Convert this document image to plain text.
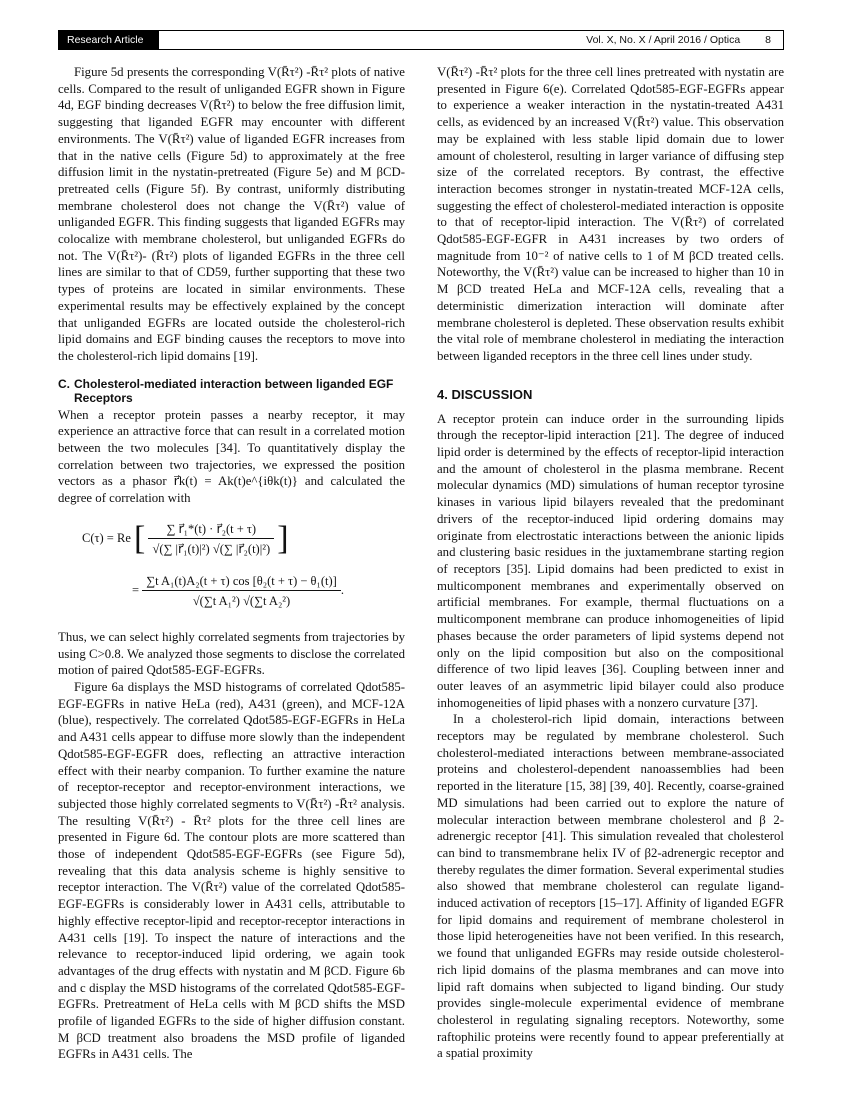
Research Article	Vol. X, No. X / April 2016 / Optica 8

Figure 5d presents the corresponding V(R̄τ²) -R̄τ² plots of native cells. Compared to the result of unliganded EGFR shown in Figure 4d, EGF binding decreases V(R̄τ²) to below the free diffusion limit, suggesting that liganded EGFR may encounter with different environments. The V(R̄τ²) value of liganded EGFR increases from that in the native cells (Figure 5d) to approximately at the free diffusion limit in the nystatin-pretreated (Figure 5e) and M βCD-pretreated cells (Figure 5f). By contrast, uniformly distributing membrane cholesterol does not change the V(R̄τ²) value of unliganded EGFR. This finding suggests that liganded EGFRs may colocalize with membrane cholesterol, but unliganded EGFRs do not. The V(R̄τ²)- (R̄τ²) plots of liganded EGFRs in the three cell lines are similar to that of CD59, further supporting that these two types of proteins are located in similar environments. These experimental results may be effectively explained by the concept that unliganded EGFRs are located outside the cholesterol-rich lipid domains and EGF binding causes the receptors to move into the cholesterol-rich lipid domains [19].

C. Cholesterol-mediated interaction between liganded EGF
Receptors

When a receptor protein passes a nearby receptor, it may experience an attractive force that can result in a correlated motion between the two molecules [34]. To quantitatively display the correlation between two trajectories, we expressed the position vectors as a phasor r⃗k(t) = Ak(t)e^{iθk(t)} and calculated the degree of correlation with

C(τ) = Re [ $\frac{\text{∑ r⃗₁*(t) · r⃗₂(t + τ)}}{\text{√(∑ |r⃗₁(t)|²) √(∑ |r⃗₂(t)|²)}}$ ]
= $\frac{\text{∑t A₁(t)A₂(t + τ) cos [θ₂(t + τ) − θ₁(t)]}}{\text{√(∑t A₁²) √(∑t A₂²)}}$ .

Thus, we can select highly correlated segments from trajectories by using C>0.8. We analyzed those segments to disclose the correlated motion of paired Qdot585-EGF-EGFRs.

Figure 6a displays the MSD histograms of correlated Qdot585-EGF-EGFRs in native HeLa (red), A431 (green), and MCF-12A (blue), respectively. The correlated Qdot585-EGF-EGFRs in HeLa and A431 cells appear to diffuse more slowly than the independent Qdot585-EGF-EGFR does, reflecting an attractive interaction effect with their nearby companion. To further examine the nature of receptor-receptor and receptor-environment interactions, we subjected those highly correlated segments to V(R̄τ²) -R̄τ² analysis. The resulting V(R̄τ²) - R̄τ² plots for the three cell lines are presented in Figure 6d. The contour plots are more scattered than those of independent Qdot585-EGF-EGFRs (see Figure 5d), revealing that this data analysis scheme is highly sensitive to receptor interaction. The V(R̄τ²) value of the correlated Qdot585-EGF-EGFRs is considerably lower in A431 cells, attributable to highly effective receptor-lipid and receptor-receptor interactions in A431 cells [19]. To inspect the nature of interactions and the relevance to receptor-induced lipid ordering, we again took advantages of the drug effects with nystatin and M βCD. Figure 6b and c display the MSD histograms of the correlated Qdot585-EGF-EGFRs. Pretreatment of HeLa cells with M βCD shifts the MSD profile of liganded EGFRs to the side of higher diffusion constant. M βCD treatment also broadens the MSD profile of liganded EGFRs in A431 cells. The

V(R̄τ²) -R̄τ² plots for the three cell lines pretreated with nystatin are presented in Figure 6(e). Correlated Qdot585-EGF-EGFRs appear to experience a weaker interaction in the nystatin-treated A431 cells, as evidenced by an increased V(R̄τ²) value. This observation may be explained with less stable lipid domain due to lower amount of cholesterol, resulting in larger variance of diffusing step size of the correlated receptors. By contrast, the effective interaction becomes stronger in nystatin-treated MCF-12A cells, suggesting the effect of cholesterol-mediated interaction is opposite to that of receptor-lipid interaction. The V(R̄τ²) of correlated Qdot585-EGF-EGFR in A431 increases by two orders of magnitude from 10⁻² of native cells to 1 of M βCD treated cells. Noteworthy, the V(R̄τ²) value can be increased to higher than 10 in M βCD treated HeLa and MCF-12A cells, revealing that a deterministic dimerization interaction will dominate after membrane cholesterol is depleted. These observation results exhibit the vital role of membrane cholesterol in mediating the interaction between liganded receptors in the three cell lines under study.

4. DISCUSSION

A receptor protein can induce order in the surrounding lipids through the receptor-lipid interaction [21]. The degree of induced lipid order is determined by the effects of receptor-lipid interaction and the amount of cholesterol in the plasma membrane. Recent molecular dynamics (MD) simulations of human receptor tyrosine kinases in various lipid bilayers revealed that the predominant drivers of the receptor-induced lipid ordering domains may originate from electrostatic interactions between the anionic lipids and clustering basic residues in the juxtamembrane starting region of receptors [35]. Lipid domains had been predicted to exist in multicomponent membranes and experimentally observed on artificial membranes. For example, thermal fluctuations on a multicomponent membrane can produce inhomogeneities of lipid phases because the order parameters of lipid systems depend not only on the lipid composition but also on the compositional difference of two lipid leaves [36]. Coupling between inner and outer leaves of an asymmetric lipid bilayer could also produce inhomogeneities of lipid phases with a nonzero curvature [37].

In a cholesterol-rich lipid domain, interactions between receptors may be regulated by membrane cholesterol. Such cholesterol-mediated interactions between membrane-associated proteins and cholesterol-dependent nanoassemblies had been reported in the literature [15, 38] [39, 40]. Recently, coarse-grained MD simulations had been carried out to explore the nature of molecular interaction between membrane cholesterol and β 2-adrenergic receptor [41]. This simulation revealed that cholesterol can bind to transmembrane helix IV of β2-adrenergic receptor and thereby regulates the dimer formation. Several experimental studies also showed that membrane cholesterol can regulate ligand-induced activation of receptors [15–17]. Affinity of liganded EGFR for lipid domains and requirement of membrane cholesterol in those lipid heterogeneities have not been verified. In this research, we found that unliganded EGFRs may reside outside cholesterol-rich lipid domains of the plasma membranes and can move into lipid raft domains when subjected to ligand binding. Our study provides single-molecule experimental evidence of membrane cholesterol in regulating signaling receptors. Noteworthy, some raftophilic proteins were recently found to appear preferentially at a spatial proximity
